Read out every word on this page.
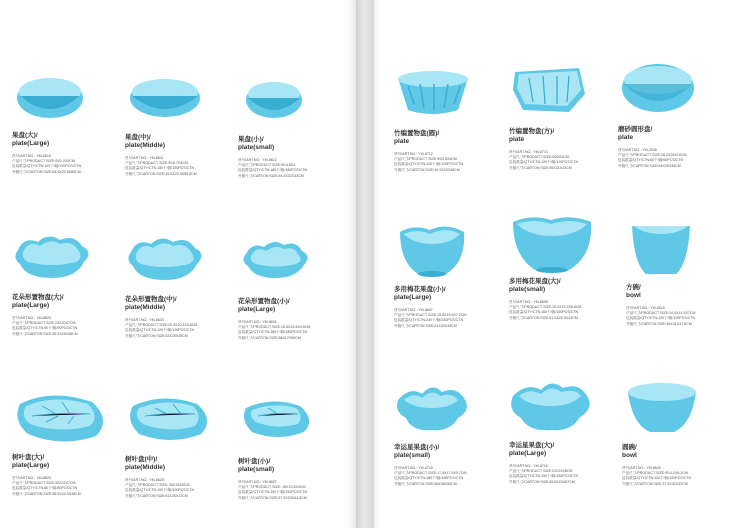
果盘(大)/
plate(Large)
货号/ART.NO.: YM-8610
产品尺寸/PRODUCT SIZE:Φ21.2X5CM
包装数量/QTY/CTN:120个/箱/120PCS/CTN
外箱尺寸/CARTON SIZE:54.5X23.5X69CM
果盘(中)/
plate(Middle)
货号/ART.NO.: YM-8611
产品尺寸/PRODUCT SIZE:Φ18.7X4CM
包装数量/QTY/CTN:150个/箱/150PCS/CTN
外箱尺寸/CARTON SIZE:45.5X20.5X59.5CM
果盘(小)/
plate(small)
货号/ART.NO.: YM-8612
产品尺寸/PRODUCT SIZE:Φ14.8X4
包装数量/QTY/CTN:180个/箱/180PCS/CTN
外箱尺寸/CARTON SIZE:54.5X32X33CM
竹编置物盘(圆)/
plate
货号/ART.NO.: YM-8712
产品尺寸/PRODUCT SIZE:Φ23.5X6CM
包装数量/QTY/CTN:120个/箱/120PCS/CTN
外箱尺寸/CARTON SIZE:49.5X23X48CM
竹编置物盘(方)/
plate
货号/ART.NO.: YM-8713
产品尺寸/PRODUCT SIZE:Φ20X6CM
包装数量/QTY/CTN:120个/箱/120PCS/CTN
外箱尺寸/CARTON SIZE:55X21X43CM
磨砂圆形盘/
plate
货号/ART.NO.: YM-2928
产品尺寸/PRODUCT SIZE:28.2X26X10CM
包装数量/QTY/CTN:60个/箱/60PCS/CTN
外箱尺寸/CARTON SIZE:54X29X45CM
花朵形置物盘(大)/
plate(Large)
货号/ART.NO.: YM-8629
产品尺寸/PRODUCT SIZE:23X20X7CM
包装数量/QTY/CTN:90个/箱/90PCS/CTN
外箱尺寸/CARTON SIZE:55.5X25X48CM
花朵形置物盘(中)/
plate(Middle)
货号/ART.NO.: YM-8630
产品尺寸/PRODUCT SIZE:20.4X20.4X5.8CM
包装数量/QTY/CTN:120个/箱/120PCS/CTN
外箱尺寸/CARTON SIZE:63X25X45CM
花朵形置物盘(小)/
plate(Large)
货号/ART.NO.: YM-8631
产品尺寸/PRODUCT SIZE:15.5X15.5X4.6CM
包装数量/QTY/CTN:180个/箱/180PCS/CTN
外箱尺寸/CARTON SIZE:58X17X50CM
多用梅花果盘(小)/
plate(Large)
货号/ART.NO.: YM-8697
产品尺寸/PRODUCT SIZE:15.5X15.5X7.2CM
包装数量/QTY/CTN:240个/箱/240PCS/CTN
外箱尺寸/CARTON SIZE:51X33X49CM
多用梅花果盘(大)/
plate(small)
货号/ART.NO.: YM-8698
产品尺寸/PRODUCT SIZE:19.2X19.2X8.8CM
包装数量/QTY/CTN:160个/箱/160PCS/CTN
外箱尺寸/CARTON SIZE:61.5X25.5X43CM
方碗/
bowl
货号/ART.NO.: YM-8619
产品尺寸/PRODUCT SIZE:14.5X14.5X7CM
包装数量/QTY/CTN:120个/箱/120PCS/CTN
外箱尺寸/CARTON SIZE:46X31X47.5CM
树叶盘(大)/
plate(Large)
货号/ART.NO.: YM-8629
产品尺寸/PRODUCT SIZE:30X22X7CM
包装数量/QTY/CTN:80个/箱/80PCS/CTN
外箱尺寸/CARTON SIZE:58.5X32.5X48CM
树叶盘(中)/
plate(Middle)
货号/ART.NO.: YM-8628
产品尺寸/PRODUCT SIZE: 26X18X5CM
包装数量/QTY/CTN:100个/箱/100PCS/CTN
外箱尺寸/CARTON SIZE:61X26X37CM
树叶盘(小)/
plate(small)
货号/ART.NO.: YM-8627
产品尺寸/PRODUCT SIZE: 18X13.5X4CM
包装数量/QTY/CTN:150个/箱/150PCS/CTN
外箱尺寸/CARTON SIZE:57.5X20X44.5CM
幸运星果盘(小)/
plate(small)
货号/ART.NO.: YM-8715
产品尺寸/PRODUCT SIZE:17.5X17.5X5.7CM
包装数量/QTY/CTN:180个/箱/180PCS/CTN
外箱尺寸/CARTON SIZE:56X36X50CM
幸运星果盘(大)/
plate(Large)
货号/ART.NO.: YM-8716
产品尺寸/PRODUCT SIZE:21X21X6CM
包装数量/QTY/CTN:150个/箱/150PCS/CTN
外箱尺寸/CARTON SIZE:65.5X23X67CM
圆碗/
bowl
货号/ART.NO.: YM-8620
产品尺寸/PRODUCT SIZE:Φ14.2X6.2CM
包装数量/QTY/CTN:120个/箱/120PCS/CTN
外箱尺寸/CARTON SIZE:37.5X32X32CM
